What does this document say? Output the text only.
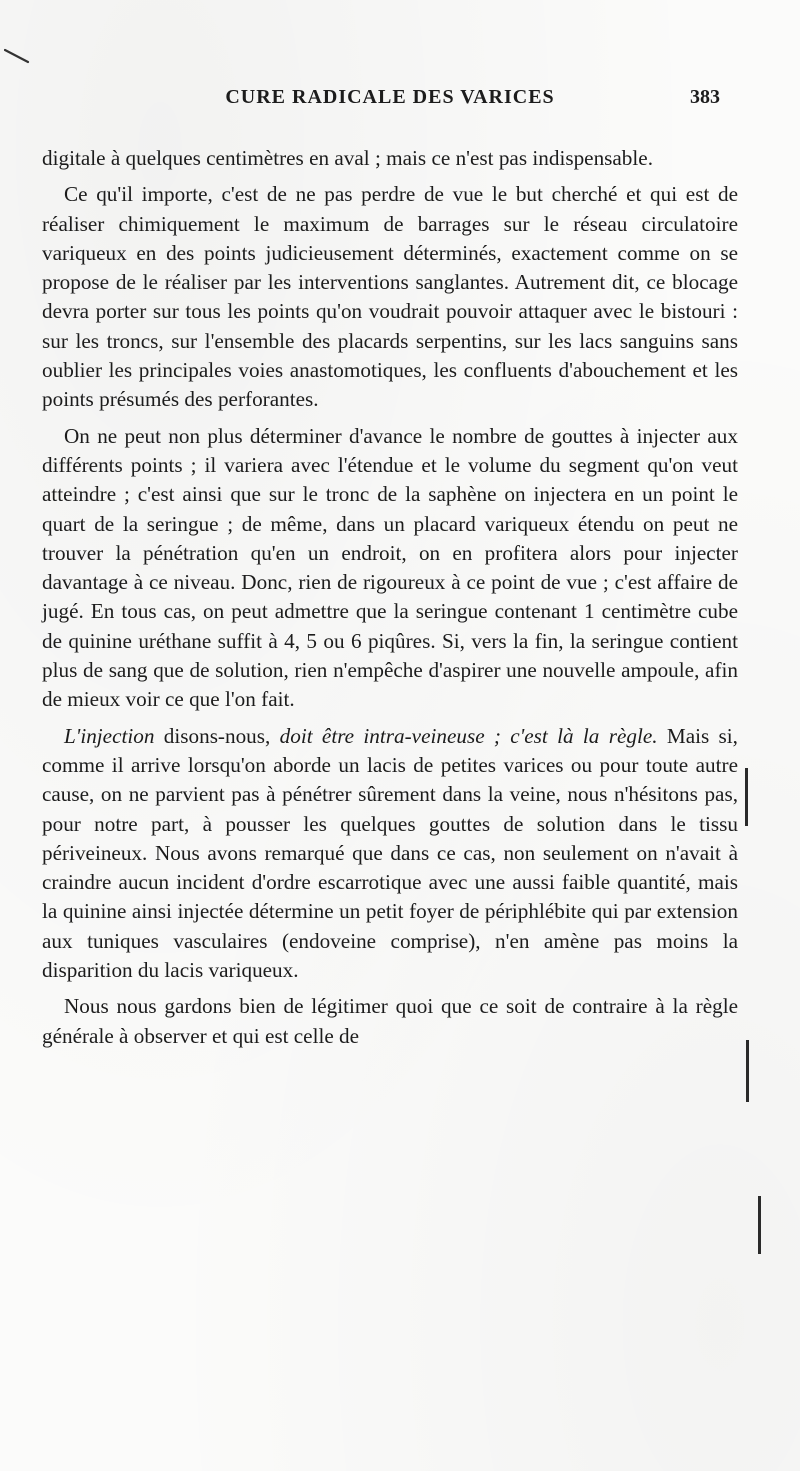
CURE RADICALE DES VARICES	383

digitale à quelques centimètres en aval ; mais ce n'est pas indispensable.

Ce qu'il importe, c'est de ne pas perdre de vue le but cherché et qui est de réaliser chimiquement le maximum de barrages sur le réseau circulatoire variqueux en des points judicieusement déterminés, exactement comme on se propose de le réaliser par les interventions sanglantes. Autrement dit, ce blocage devra porter sur tous les points qu'on voudrait pouvoir attaquer avec le bistouri : sur les troncs, sur l'ensemble des placards serpentins, sur les lacs sanguins sans oublier les principales voies anastomotiques, les confluents d'abouchement et les points présumés des perforantes.

On ne peut non plus déterminer d'avance le nombre de gouttes à injecter aux différents points ; il variera avec l'étendue et le volume du segment qu'on veut atteindre ; c'est ainsi que sur le tronc de la saphène on injectera en un point le quart de la seringue ; de même, dans un placard variqueux étendu on peut ne trouver la pénétration qu'en un endroit, on en profitera alors pour injecter davantage à ce niveau. Donc, rien de rigoureux à ce point de vue ; c'est affaire de jugé. En tous cas, on peut admettre que la seringue contenant 1 centimètre cube de quinine uréthane suffit à 4, 5 ou 6 piqûres. Si, vers la fin, la seringue contient plus de sang que de solution, rien n'empêche d'aspirer une nouvelle ampoule, afin de mieux voir ce que l'on fait.

L'injection disons-nous, doit être intra-veineuse ; c'est là la règle. Mais si, comme il arrive lorsqu'on aborde un lacis de petites varices ou pour toute autre cause, on ne parvient pas à pénétrer sûrement dans la veine, nous n'hésitons pas, pour notre part, à pousser les quelques gouttes de solution dans le tissu périveineux. Nous avons remarqué que dans ce cas, non seulement on n'avait à craindre aucun incident d'ordre escarrotique avec une aussi faible quantité, mais la quinine ainsi injectée détermine un petit foyer de périphlébite qui par extension aux tuniques vasculaires (endoveine comprise), n'en amène pas moins la disparition du lacis variqueux.

Nous nous gardons bien de légitimer quoi que ce soit de contraire à la règle générale à observer et qui est celle de
